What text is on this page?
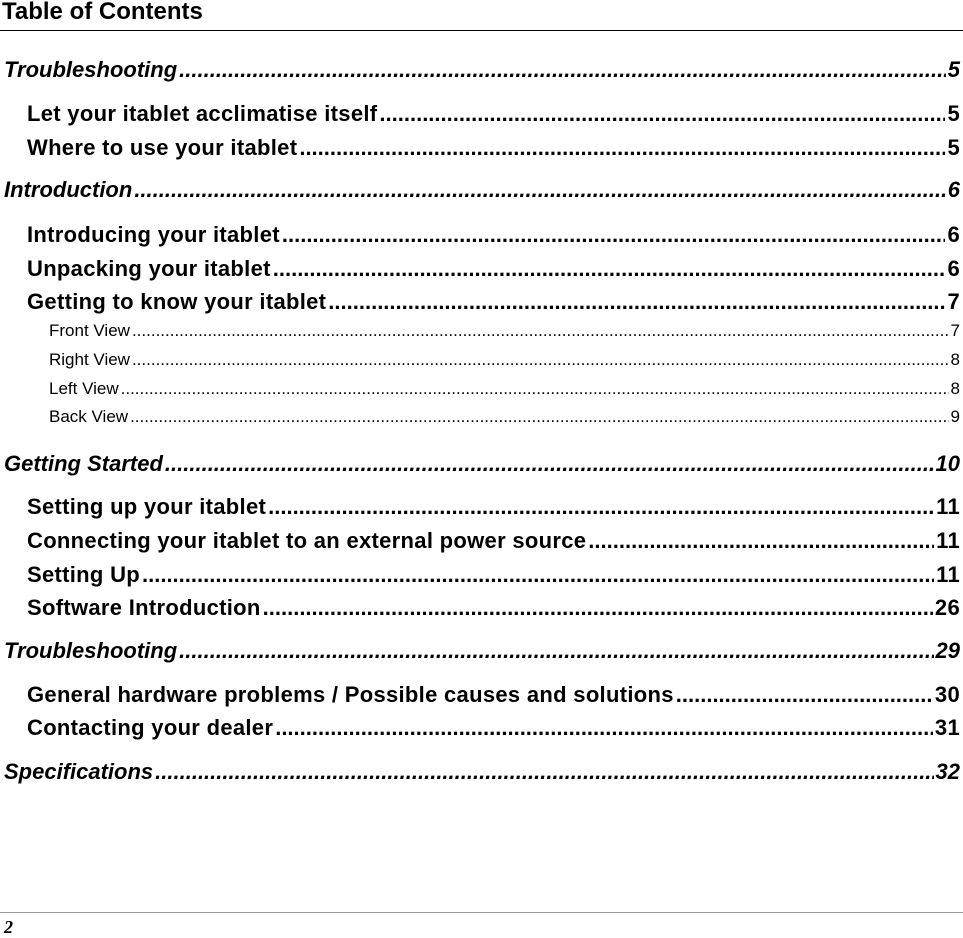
Table of Contents
Troubleshooting .....	5
Let your itablet acclimatise itself .....	5
Where to use your itablet .....	5
Introduction .....	6
Introducing your itablet .....	6
Unpacking your itablet .....	6
Getting to know your itablet .....	7
Front View .....	7
Right View .....	8
Left View .....	8
Back View .....	9
Getting Started .....	10
Setting up your itablet .....	11
Connecting your itablet to an external power source .....	11
Setting Up .....	11
Software Introduction .....	26
Troubleshooting .....	29
General hardware problems / Possible causes and solutions .....	30
Contacting your dealer .....	31
Specifications .....	32
2
